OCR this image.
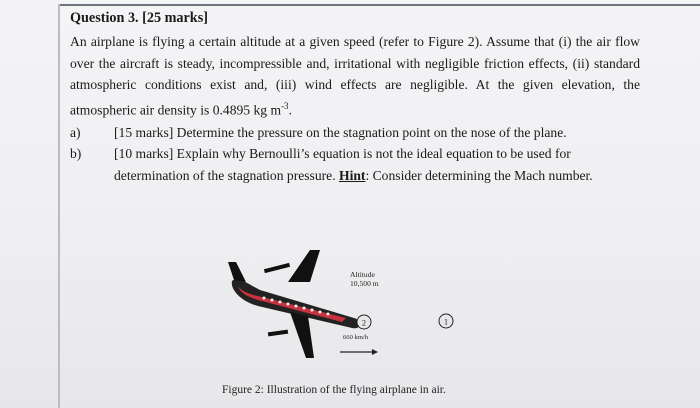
Question 3. [25 marks]
An airplane is flying a certain altitude at a given speed (refer to Figure 2). Assume that (i) the air flow over the aircraft is steady, incompressible and, irritational with negligible friction effects, (ii) standard atmospheric conditions exist and, (iii) wind effects are negligible. At the given elevation, the atmospheric air density is 0.4895 kg $m^{-3}$.
a)	[15 marks] Determine the pressure on the stagnation point on the nose of the plane.
b)	[10 marks] Explain why Bernoulli’s equation is not the ideal equation to be used for determination of the stagnation pressure. Hint: Consider determining the Mach number.
2	1
Altitude
10,500 m
660 km/h
Figure 2: Illustration of the flying airplane in air.
